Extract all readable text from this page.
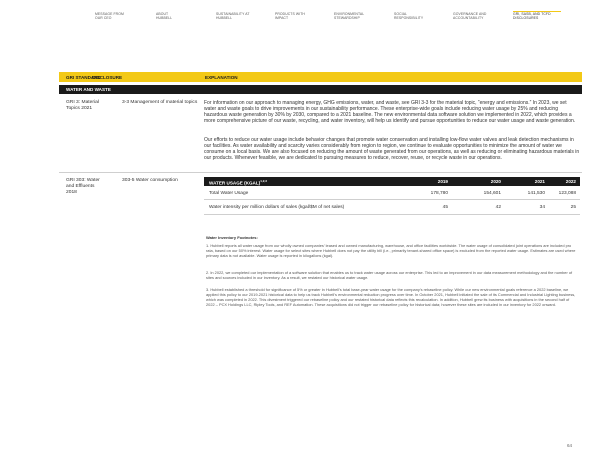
MESSAGE FROM
OUR CEO
ABOUT
HUBBELL
SUSTAINABILITY AT
HUBBELL
PRODUCTS WITH
IMPACT
ENVIRONMENTAL
STEWARDSHIP
SOCIAL
RESPONSIBILITY
GOVERNANCE AND
ACCOUNTABILITY
GRI, SASB, AND TCFD
DISCLOSURES
GRI STANDARD
DISCLOSURE	EXPLANATION
WATER AND WASTE
GRI 3: Material
Topics 2021
3-3 Management of material topics	For information on our approach to managing energy, GHG emissions, water, and waste, see GRI 3-3 for the material topic, “energy and emissions.” In 2023, we set water and waste goals to drive improvements in our sustainability performance. These enterprise-wide goals include reducing water usage by 25% and reducing hazardous waste generation by 30% by 2030, compared to a 2021 baseline. The new environmental data software solution we implemented in 2022, which provides a more comprehensive picture of our waste, recycling, and water inventory, will help us identify and pursue opportunities to reduce our water usage and waste generation.

Our efforts to reduce our water usage include behavior changes that promote water conservation and installing low-flow water valves and leak detection mechanisms in our facilities. As water availability and scarcity varies considerably from region to region, we continue to evaluate opportunities to minimize the amount of water we consume on a local basis. We are also focused on reducing the amount of waste generated from our operations, as well as reducing or eliminating hazardous materials in our products. Whenever feasible, we are dedicated to pursuing measures to reduce, recover, reuse, or recycle waste in our operations.

GRI 303: Water
and Effluents
2018
303-5 Water consumption
WATER USAGE (KGAL)$^{1,2,3}$	2019	2020	2021	2022
Total Water Usage	178,780	154,601	141,530	123,088
Water intensity per million dollars of sales (kgal/$M of net sales)	45	42	34	25
Water Inventory Footnotes:

1. Hubbell reports all water usage from our wholly owned companies’ leased and owned manufacturing, warehouse, and office facilities worldwide. The water usage of consolidated joint operations are included pro rata, based on our 50% interest. Water usage for select sites where Hubbell does not pay the utility bill (i.e., primarily tenant-shared office space) is excluded from the reported water usage. Estimates are used where primary data is not available. Water usage is reported in kilogallons (kgal).

2. In 2022, we completed our implementation of a software solution that enables us to track water usage across our enterprise. This led to an improvement in our data measurement methodology and the number of sites and sources included in our inventory. As a result, we restated our historical water usage.

3. Hubbell established a threshold for significance of 5% or greater in Hubbell’s total base-year water usage for the company’s rebaseline policy. While our new environmental goals reference a 2022 baseline, we applied this policy to our 2019-2021 historical data to help us track Hubbell’s environmental reduction progress over time. In October 2021, Hubbell initiated the sale of its Commercial and Industrial Lighting business, which was completed in 2022. This divestment triggered our rebaseline policy and our restated historical data reflects this recalculation. In addition, Hubbell grew its business with acquisitions in the second half of 2022 – PCX Holdings LLC, Ripley Tools, and REF Automation. These acquisitions did not trigger our rebaseline policy for historical data; however these sites are included in our inventory for 2022 onward.

64
